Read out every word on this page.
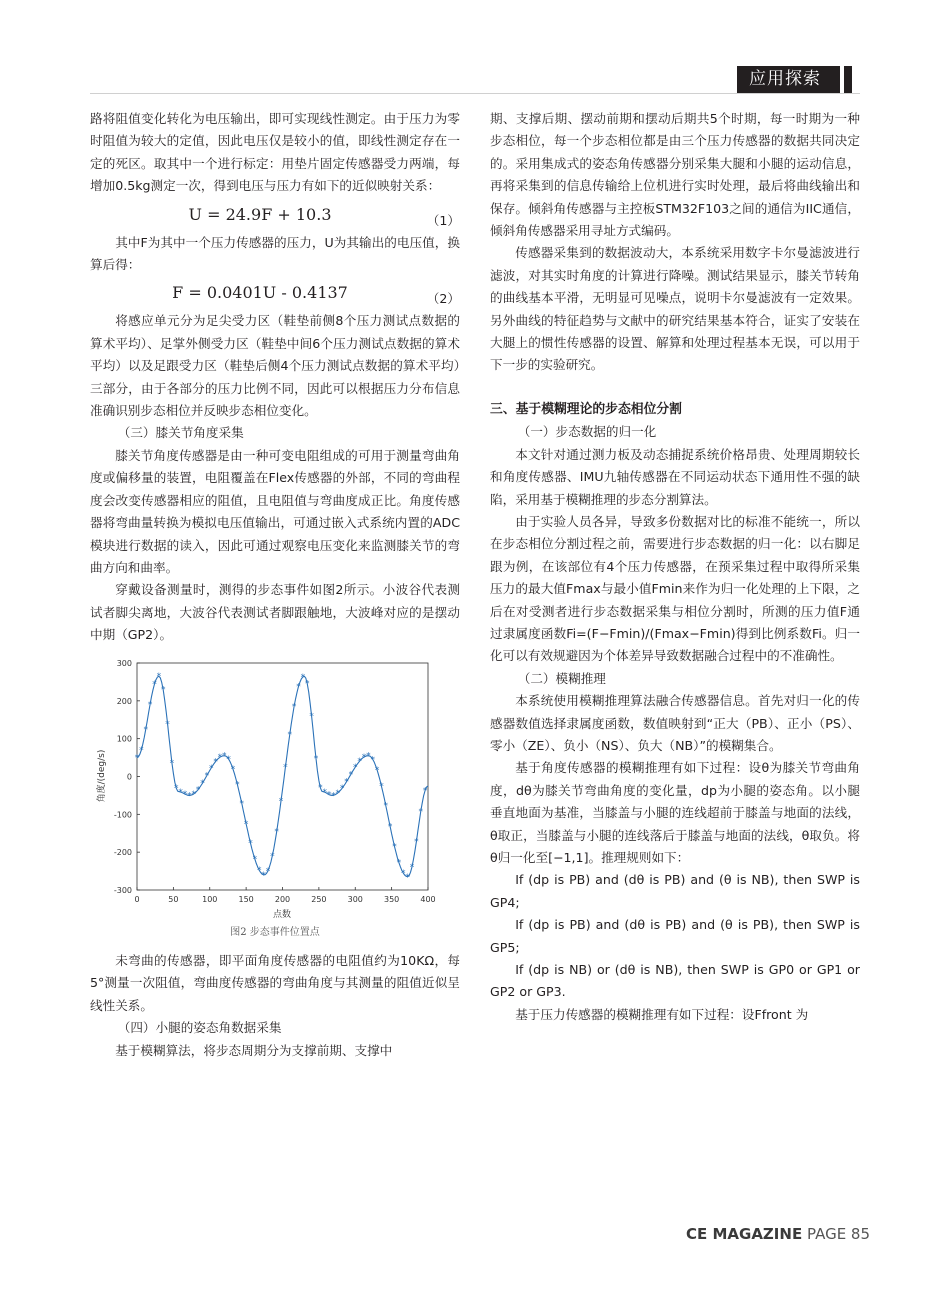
应用探索

路将阻值变化转化为电压输出，即可实现线性测定。由于压力为零时阻值为较大的定值，因此电压仅是较小的值，即线性测定存在一定的死区。取其中一个进行标定：用垫片固定传感器受力两端，每增加0.5kg测定一次，得到电压与压力有如下的近似映射关系：

U = 24.9F + 10.3	（1）

其中F为其中一个压力传感器的压力，U为其输出的电压值，换算后得：

F = 0.0401U - 0.4137	（2）

将感应单元分为足尖受力区（鞋垫前侧8个压力测试点数据的算术平均）、足掌外侧受力区（鞋垫中间6个压力测试点数据的算术平均）以及足跟受力区（鞋垫后侧4个压力测试点数据的算术平均）三部分，由于各部分的压力比例不同，因此可以根据压力分布信息准确识别步态相位并反映步态相位变化。

（三）膝关节角度采集

膝关节角度传感器是由一种可变电阻组成的可用于测量弯曲角度或偏移量的装置，电阻覆盖在Flex传感器的外部，不同的弯曲程度会改变传感器相应的阻值，且电阻值与弯曲度成正比。角度传感器将弯曲量转换为模拟电压值输出，可通过嵌入式系统内置的ADC模块进行数据的读入，因此可通过观察电压变化来监测膝关节的弯曲方向和曲率。

穿戴设备测量时，测得的步态事件如图2所示。小波谷代表测试者脚尖离地，大波谷代表测试者脚跟触地，大波峰对应的是摆动中期（GP2）。

0	50	100	150	200	250	300	350	400
300
200
100
0
-100
-200
-300
*
*
*
*
*
*
*
*
*
* * * * * *
*
*
*
* * * *
*
*
*
*
*
*
* * *
*
*
*
*
*
*
*
*
*
*
*
* * * * * *
*
*
*
* * * *
*
*
*
*
*
*
* *
*
*
*
*
点数
角度/(deg/s)
图2 步态事件位置点

未弯曲的传感器，即平面角度传感器的电阻值约为10KΩ，每5°测量一次阻值，弯曲度传感器的弯曲角度与其测量的阻值近似呈线性关系。

（四）小腿的姿态角数据采集

基于模糊算法，将步态周期分为支撑前期、支撑中

期、支撑后期、摆动前期和摆动后期共5个时期，每一时期为一种步态相位，每一个步态相位都是由三个压力传感器的数据共同决定的。采用集成式的姿态角传感器分别采集大腿和小腿的运动信息，再将采集到的信息传输给上位机进行实时处理，最后将曲线输出和保存。倾斜角传感器与主控板STM32F103之间的通信为IIC通信，倾斜角传感器采用寻址方式编码。

传感器采集到的数据波动大，本系统采用数字卡尔曼滤波进行滤波，对其实时角度的计算进行降噪。测试结果显示，膝关节转角的曲线基本平滑，无明显可见噪点，说明卡尔曼滤波有一定效果。另外曲线的特征趋势与文献中的研究结果基本符合，证实了安装在大腿上的惯性传感器的设置、解算和处理过程基本无误，可以用于下一步的实验研究。

三、基于模糊理论的步态相位分割

（一）步态数据的归一化

本文针对通过测力板及动态捕捉系统价格昂贵、处理周期较长和角度传感器、IMU九轴传感器在不同运动状态下通用性不强的缺陷，采用基于模糊推理的步态分割算法。

由于实验人员各异，导致多份数据对比的标准不能统一，所以在步态相位分割过程之前，需要进行步态数据的归一化：以右脚足跟为例，在该部位有4个压力传感器，在预采集过程中取得所采集压力的最大值Fmax与最小值Fmin来作为归一化处理的上下限，之后在对受测者进行步态数据采集与相位分割时，所测的压力值F通过隶属度函数Fi=(F−Fmin)/(Fmax−Fmin)得到比例系数Fi。归一化可以有效规避因为个体差异导致数据融合过程中的不准确性。

（二）模糊推理

本系统使用模糊推理算法融合传感器信息。首先对归一化的传感器数值选择隶属度函数，数值映射到“正大（PB）、正小（PS）、零小（ZE）、负小（NS）、负大（NB）”的模糊集合。

基于角度传感器的模糊推理有如下过程：设θ为膝关节弯曲角度，dθ为膝关节弯曲角度的变化量，dp为小腿的姿态角。以小腿垂直地面为基准，当膝盖与小腿的连线超前于膝盖与地面的法线，θ取正，当膝盖与小腿的连线落后于膝盖与地面的法线，θ取负。将θ归一化至[−1,1]。推理规则如下：

If (dp is PB) and (dθ is PB) and (θ is NB), then SWP is GP4;

If (dp is PB) and (dθ is PB) and (θ is PB), then SWP is GP5;

If (dp is NB) or (dθ is NB), then SWP is GP0 or GP1 or GP2 or GP3.

基于压力传感器的模糊推理有如下过程：设Ffront 为

CE MAGAZINE PAGE 85
